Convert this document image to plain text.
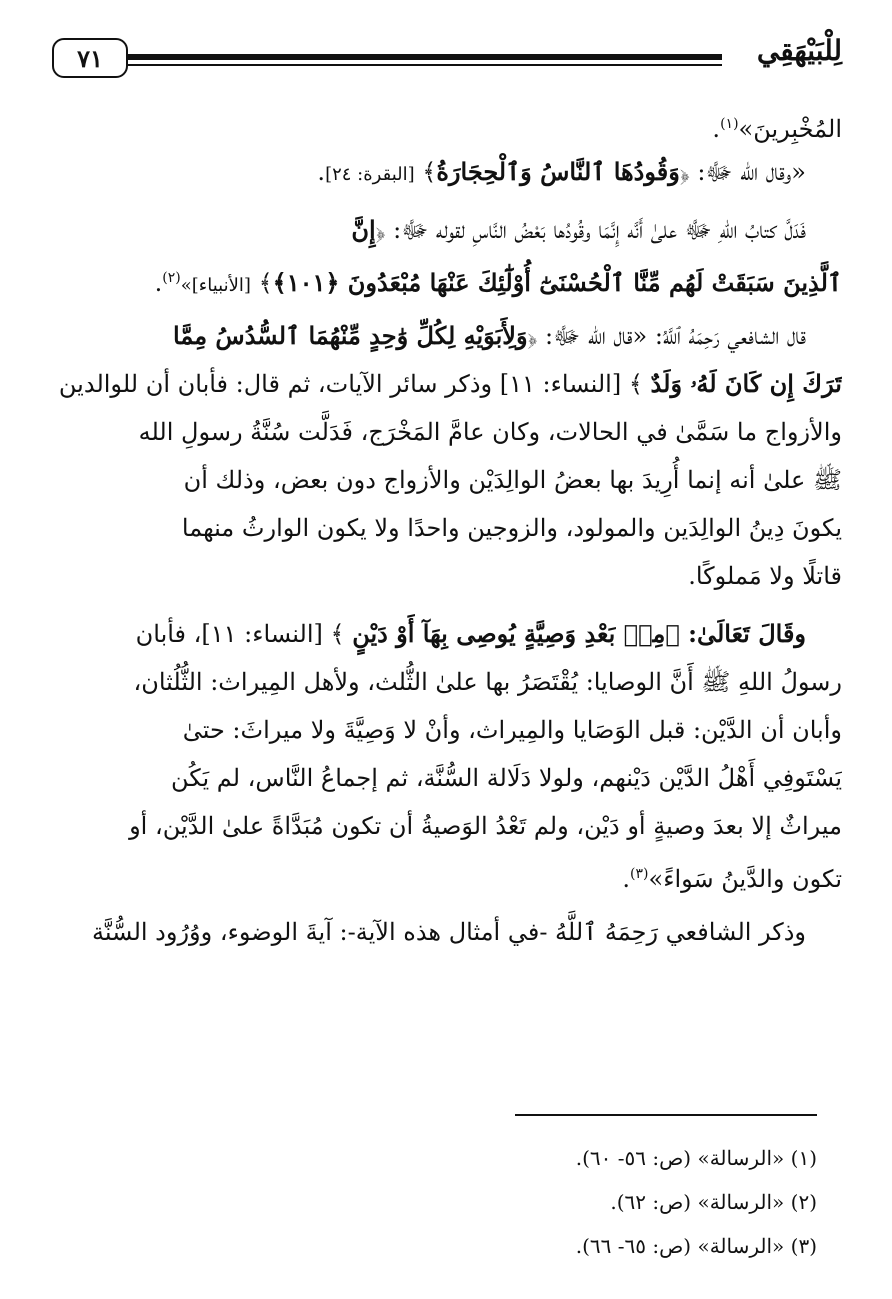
٧١	لِلْبَيْهَقِي
المُخْبِرينَ»$^{(١)}$.
«وقال الله ﷻ: ﴿وَقُودُهَا ٱلنَّاسُ وَٱلْحِجَارَةُ﴾ [البقرة: ٢٤].
فَدَلَّ كتابُ اللهِ ﷻ علىٰ أَنَّه إِنَّمَا وقُودُها بَعْضُ النَّاسِ لقوله ﷻ: ﴿إِنَّ
ٱلَّذِينَ سَبَقَتْ لَهُم مِّنَّا ٱلْحُسْنَىٰٓ أُوْلَٰٓئِكَ عَنْهَا مُبْعَدُونَ ﴿١٠١﴾﴾ [الأنبياء]»$^{(٢)}$.
قال الشافعي رَحِمَهُ ٱللَّهُ: «قال الله ﷻ: ﴿وَلِأَبَوَيْهِ لِكُلِّ وَٰحِدٍ مِّنْهُمَا ٱلسُّدُسُ مِمَّا
تَرَكَ إِن كَانَ لَهُۥ وَلَدٌ ﴾ [النساء: ١١] وذكر سائر الآيات، ثم قال: فأبان أن للوالدين
والأزواج ما سَمَّىٰ في الحالات، وكان عامَّ المَخْرَج، فَدَلَّت سُنَّةُ رسولِ الله
ﷺ علىٰ أنه إنما أُرِيدَ بها بعضُ الوالِدَيْن والأزواج دون بعض، وذلك أن
يكونَ دِينُ الوالِدَين والمولود، والزوجين واحدًا ولا يكون الوارثُ منهما
قاتلًا ولا مَملوكًا.
وقَالَ تَعَالَىٰ: ﴿مِنۢ بَعْدِ وَصِيَّةٍ يُوصِى بِهَآ أَوْ دَيْنٍ ﴾ [النساء: ١١]، فأبان
رسولُ اللهِ ﷺ أَنَّ الوصايا: يُقْتَصَرُ بها علىٰ الثُّلث، ولأهل المِيراث: الثُّلُثان،
وأبان أن الدَّيْن: قبل الوَصَايا والمِيراث، وأنْ لا وَصِيَّةَ ولا ميراثَ: حتىٰ
يَسْتَوفِي أَهْلُ الدَّيْن دَيْنهم، ولولا دَلَالة السُّنَّة، ثم إجماعُ النَّاس، لم يَكُن
ميراثٌ إلا بعدَ وصيةٍ أو دَيْن، ولم تَعْدُ الوَصيةُ أن تكون مُبَدَّاةً علىٰ الدَّيْن، أو
تكون والدَّينُ سَواءً»$^{(٣)}$.
وذكر الشافعي رَحِمَهُ ٱللَّهُ -في أمثال هذه الآية-: آيةَ الوضوء، ووُرُود السُّنَّة
(١) «الرسالة» (ص: ٥٦- ٦٠).
(٢) «الرسالة» (ص: ٦٢).
(٣) «الرسالة» (ص: ٦٥- ٦٦).
